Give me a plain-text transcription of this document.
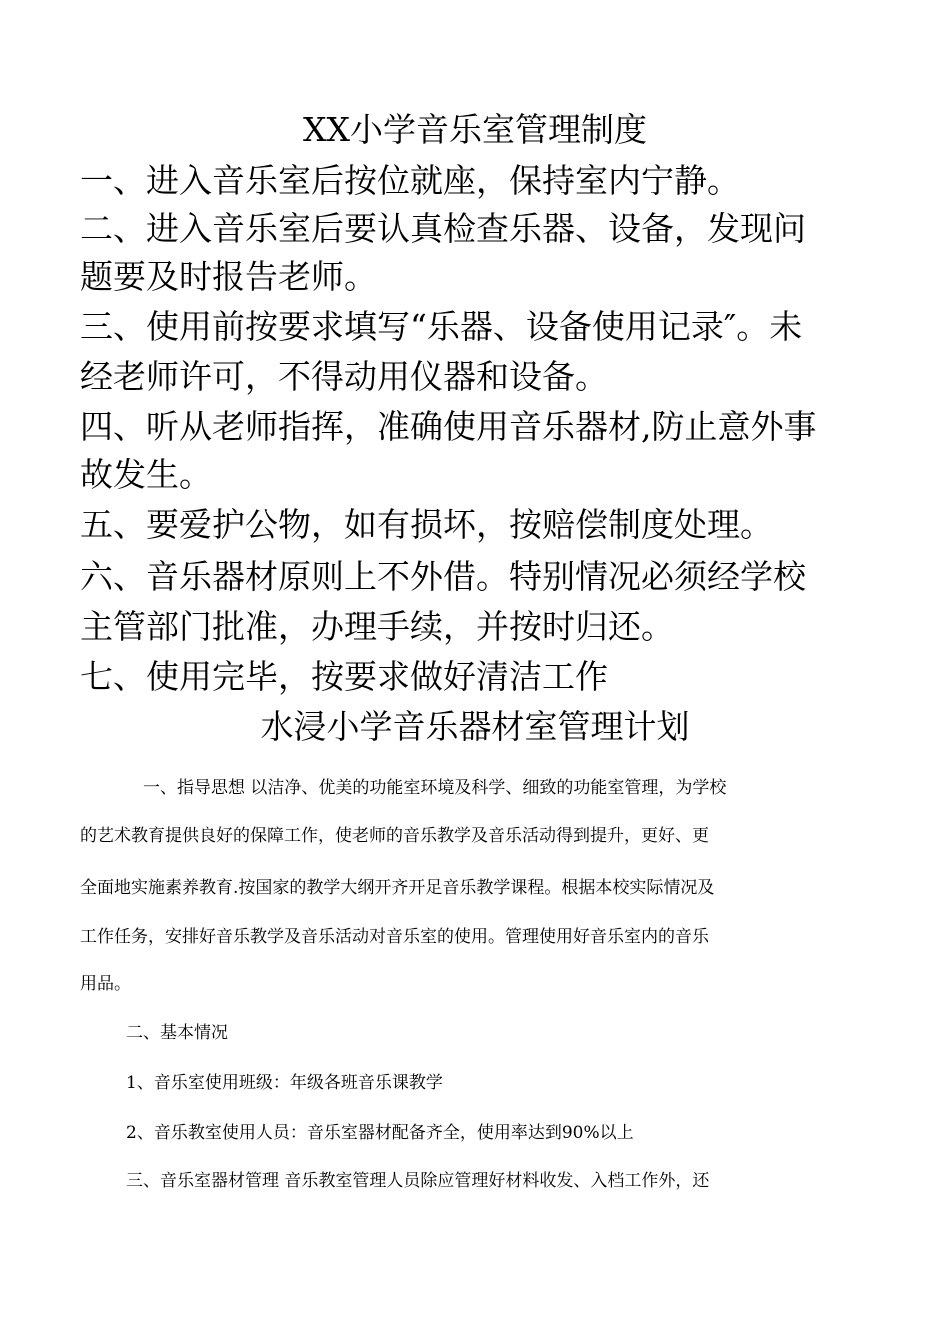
XX小学音乐室管理制度
一、进入音乐室后按位就座，保持室内宁静。
二、进入音乐室后要认真检查乐器、设备，发现问
题要及时报告老师。
三、使用前按要求填写“乐器、设备使用记录″。未
经老师许可，不得动用仪器和设备。
四、听从老师指挥，准确使用音乐器材,防止意外事
故发生。
五、要爱护公物，如有损坏，按赔偿制度处理。
六、音乐器材原则上不外借。特别情况必须经学校
主管部门批准，办理手续，并按时归还。
七、使用完毕，按要求做好清洁工作
水浸小学音乐器材室管理计划
　一、指导思想 以洁净、优美的功能室环境及科学、细致的功能室管理，为学校
的艺术教育提供良好的保障工作，使老师的音乐教学及音乐活动得到提升，更好、更
全面地实施素养教育.按国家的教学大纲开齐开足音乐教学课程。根据本校实际情况及
工作任务，安排好音乐教学及音乐活动对音乐室的使用。管理使用好音乐室内的音乐
用品。
二、基本情况
1、音乐室使用班级：年级各班音乐课教学
2、音乐教室使用人员：音乐室器材配备齐全，使用率达到90%以上
三、音乐室器材管理 音乐教室管理人员除应管理好材料收发、入档工作外，还
